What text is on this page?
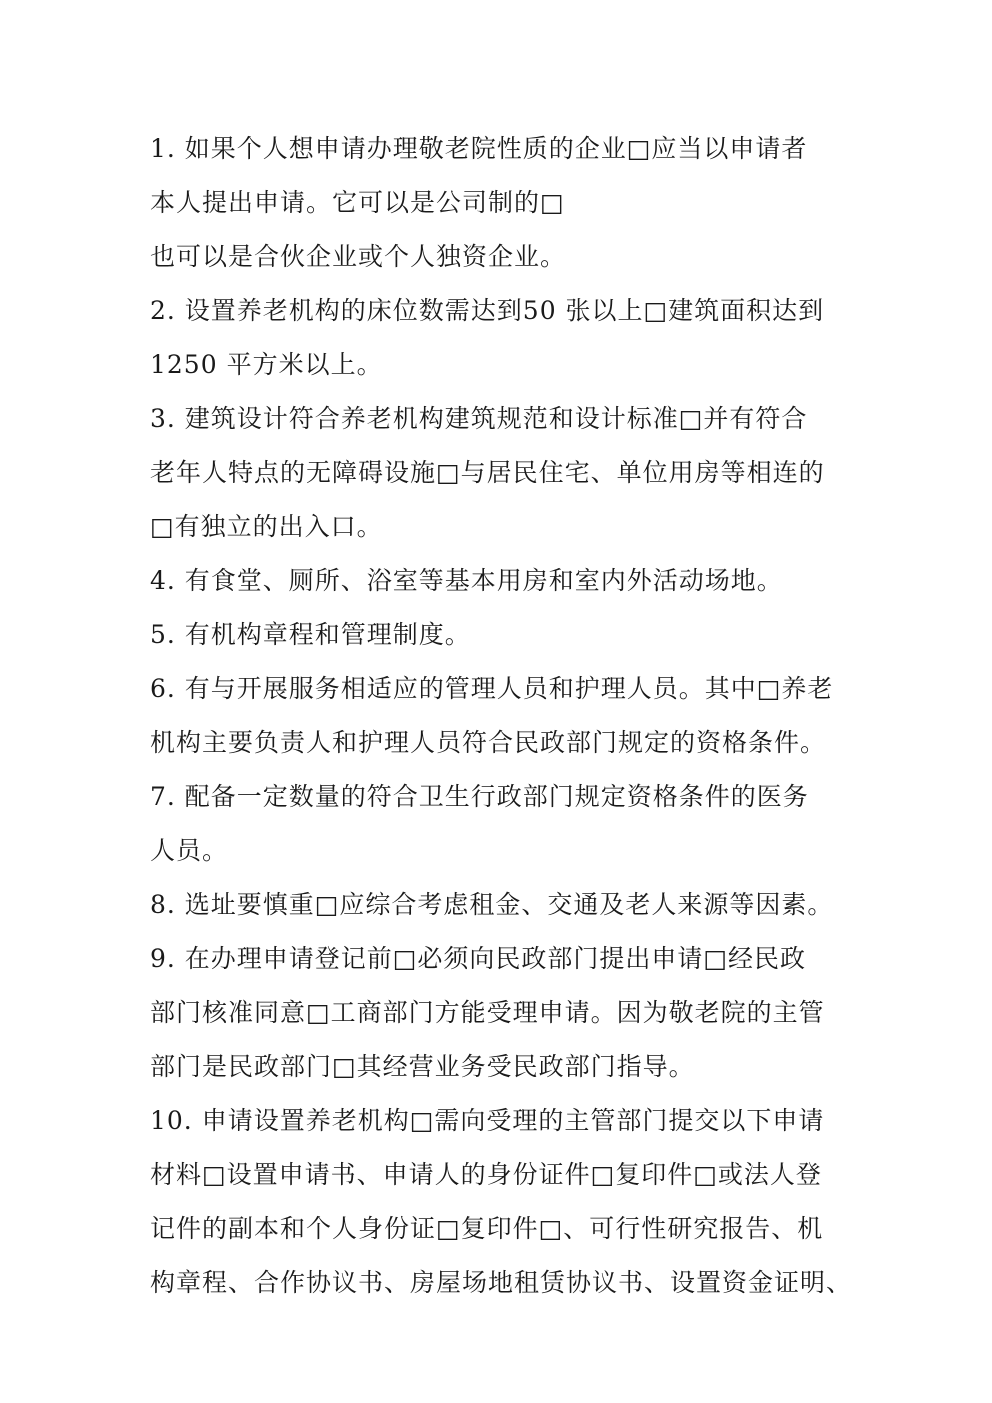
1. 如果个人想申请办理敬老院性质的企业□应当以申请者
本人提出申请。它可以是公司制的□
也可以是合伙企业或个人独资企业。
2. 设置养老机构的床位数需达到50 张以上□建筑面积达到
1250 平方米以上。
3. 建筑设计符合养老机构建筑规范和设计标准□并有符合
老年人特点的无障碍设施□与居民住宅、单位用房等相连的
□有独立的出入口。
4. 有食堂、厕所、浴室等基本用房和室内外活动场地。
5. 有机构章程和管理制度。
6. 有与开展服务相适应的管理人员和护理人员。其中□养老
机构主要负责人和护理人员符合民政部门规定的资格条件。
7. 配备一定数量的符合卫生行政部门规定资格条件的医务
人员。
8. 选址要慎重□应综合考虑租金、交通及老人来源等因素。
9. 在办理申请登记前□必须向民政部门提出申请□经民政
部门核准同意□工商部门方能受理申请。因为敬老院的主管
部门是民政部门□其经营业务受民政部门指导。
10. 申请设置养老机构□需向受理的主管部门提交以下申请
材料□设置申请书、申请人的身份证件□复印件□或法人登
记件的副本和个人身份证□复印件□、可行性研究报告、机
构章程、合作协议书、房屋场地租赁协议书、设置资金证明、
